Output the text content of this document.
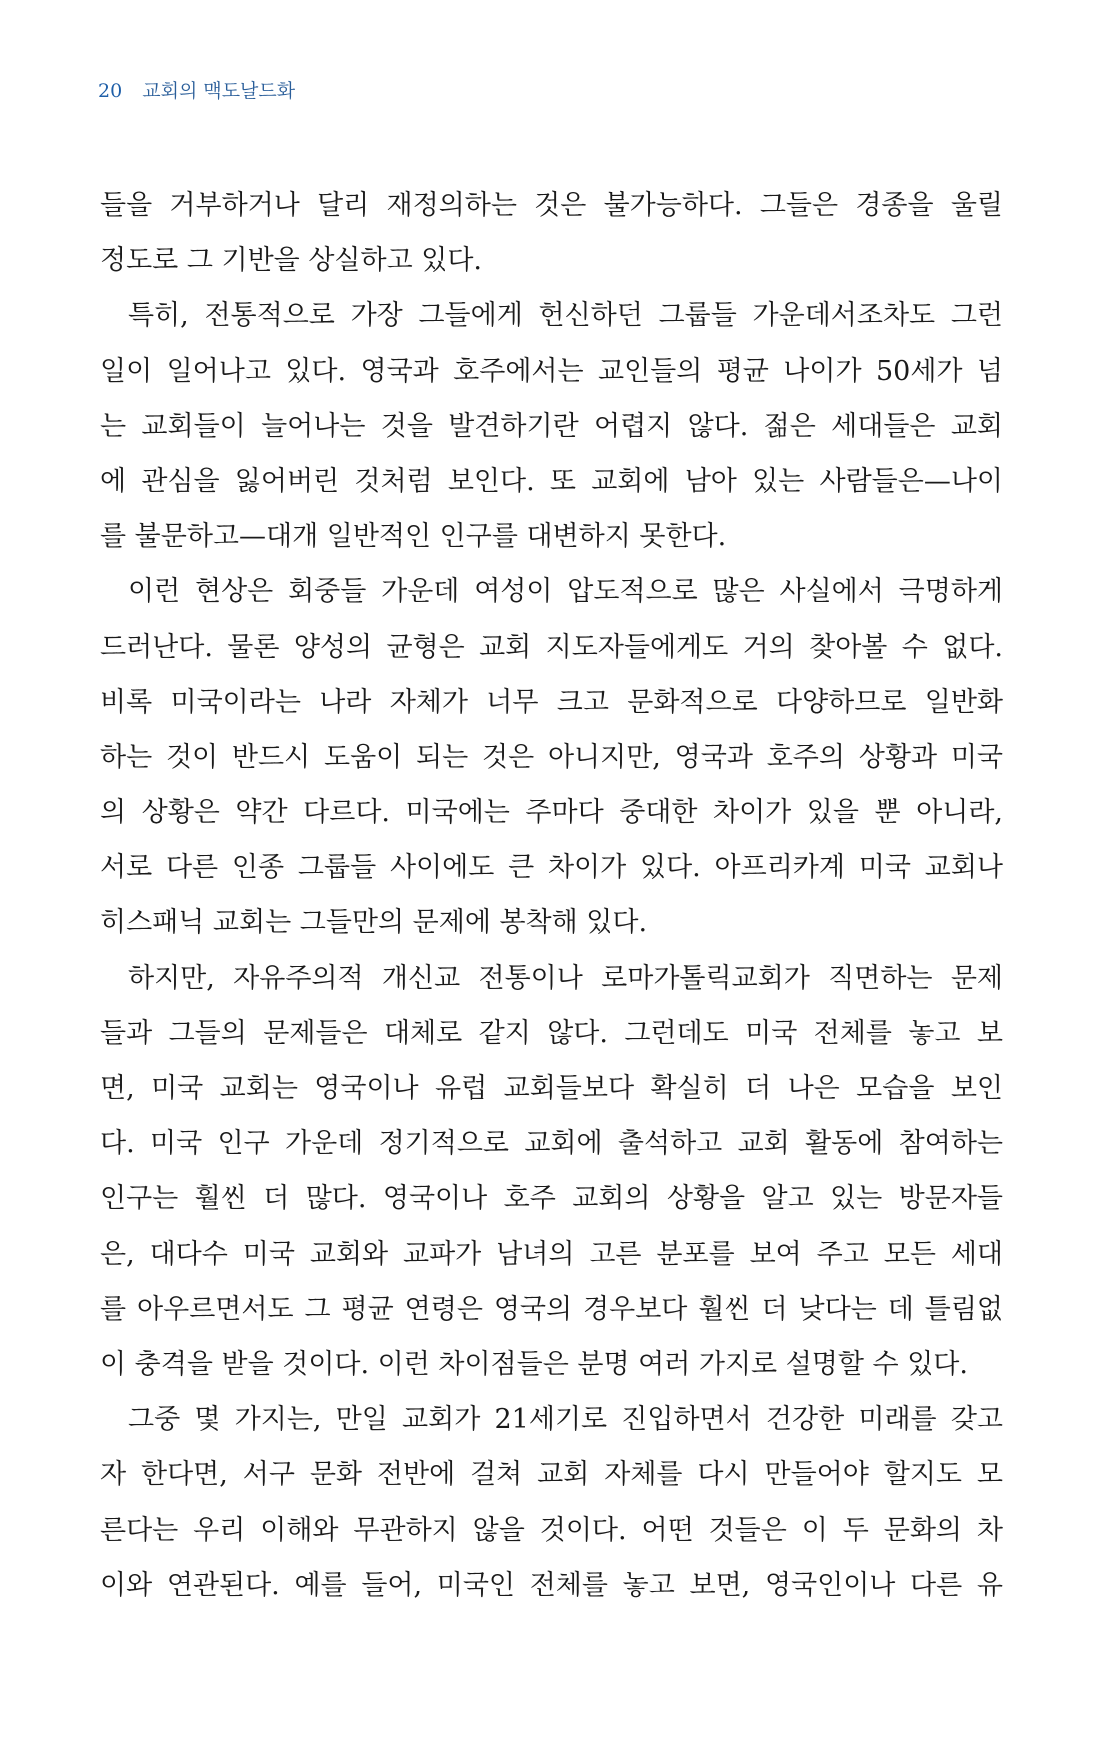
20 교회의 맥도날드화
들을 거부하거나 달리 재정의하는 것은 불가능하다. 그들은 경종을 울릴
정도로 그 기반을 상실하고 있다.
특히, 전통적으로 가장 그들에게 헌신하던 그룹들 가운데서조차도 그런
일이 일어나고 있다. 영국과 호주에서는 교인들의 평균 나이가 50세가 넘
는 교회들이 늘어나는 것을 발견하기란 어렵지 않다. 젊은 세대들은 교회
에 관심을 잃어버린 것처럼 보인다. 또 교회에 남아 있는 사람들은—나이
를 불문하고—대개 일반적인 인구를 대변하지 못한다.
이런 현상은 회중들 가운데 여성이 압도적으로 많은 사실에서 극명하게
드러난다. 물론 양성의 균형은 교회 지도자들에게도 거의 찾아볼 수 없다.
비록 미국이라는 나라 자체가 너무 크고 문화적으로 다양하므로 일반화
하는 것이 반드시 도움이 되는 것은 아니지만, 영국과 호주의 상황과 미국
의 상황은 약간 다르다. 미국에는 주마다 중대한 차이가 있을 뿐 아니라,
서로 다른 인종 그룹들 사이에도 큰 차이가 있다. 아프리카계 미국 교회나
히스패닉 교회는 그들만의 문제에 봉착해 있다.
하지만, 자유주의적 개신교 전통이나 로마가톨릭교회가 직면하는 문제
들과 그들의 문제들은 대체로 같지 않다. 그런데도 미국 전체를 놓고 보
면, 미국 교회는 영국이나 유럽 교회들보다 확실히 더 나은 모습을 보인
다. 미국 인구 가운데 정기적으로 교회에 출석하고 교회 활동에 참여하는
인구는 훨씬 더 많다. 영국이나 호주 교회의 상황을 알고 있는 방문자들
은, 대다수 미국 교회와 교파가 남녀의 고른 분포를 보여 주고 모든 세대
를 아우르면서도 그 평균 연령은 영국의 경우보다 훨씬 더 낮다는 데 틀림없
이 충격을 받을 것이다. 이런 차이점들은 분명 여러 가지로 설명할 수 있다.
그중 몇 가지는, 만일 교회가 21세기로 진입하면서 건강한 미래를 갖고
자 한다면, 서구 문화 전반에 걸쳐 교회 자체를 다시 만들어야 할지도 모
른다는 우리 이해와 무관하지 않을 것이다. 어떤 것들은 이 두 문화의 차
이와 연관된다. 예를 들어, 미국인 전체를 놓고 보면, 영국인이나 다른 유
